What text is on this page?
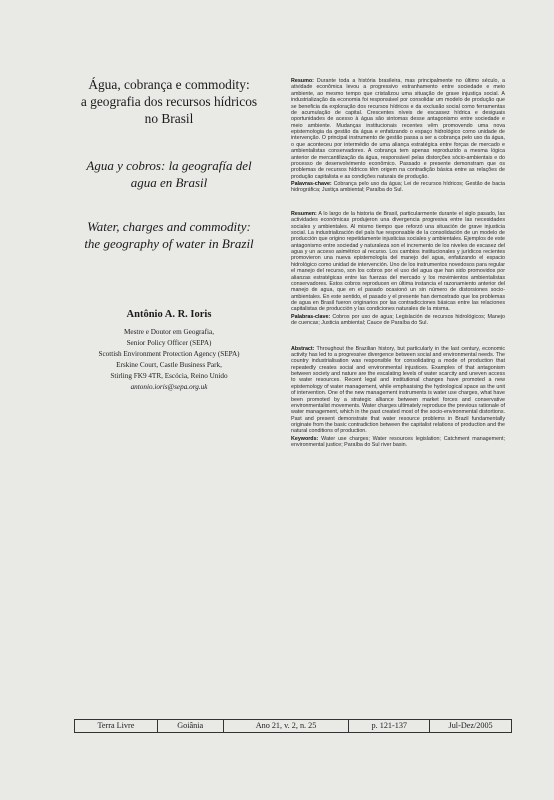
Água, cobrança e commodity:
a geografia dos recursos hídricos
no Brasil
Agua y cobros: la geografía del
agua en Brasil
Water, charges and commodity:
the geography of water in Brazil
Antônio A. R. Ioris
Mestre e Doutor em Geografia,
Senior Policy Officer (SEPA)
Scottish Environment Protection Agency (SEPA)
Erskine Court, Castle Business Park,
Stirling FK9 4TR, Escócia, Reino Unido
antonio.ioris@sepa.org.uk

Resumo: Durante toda a história brasileira, mas principalmente no último século, a atividade econômica levou a progressivo estranhamento entre sociedade e meio ambiente, ao mesmo tempo que cristalizou uma situação de grave injustiça social. A industrialização da economia foi responsável por consolidar um modelo de produção que se beneficia da exploração dos recursos hídricos e da exclusão social como ferramentas de acumulação de capital. Crescentes níveis de escassez hídrica e desiguais oportunidades de acesso à água são sintomas desse antagonismo entre sociedade e meio ambiente. Mudanças institucionais recentes vêm promovendo uma nova epistemologia da gestão da água e enfatizando o espaço hidrológico como unidade de intervenção. O principal instrumento de gestão passa a ser a cobrança pelo uso da água, o que aconteceu por intermédio de uma aliança estratégica entre forças de mercado e ambientalistas conservadores. A cobrança tem apenas reproduzido a mesma lógica anterior de mercantilização da água, responsável pelas distorções sócio-ambientais e do processo de desenvolvimento econômico. Passado e presente demonstram que os problemas de recursos hídricos têm origem na contradição básica entre as relações de produção capitalista e as condições naturais de produção.

Palavras-chave: Cobrança pelo uso da água; Lei de recursos hídricos; Gestão de bacia hidrográfica; Justiça ambiental; Paraíba do Sul.

Resumen: A lo largo de la historia de Brasil, particularmente durante el siglo pasado, las actividades económicas produjeron una divergencia progresiva entre las necesidades sociales y ambientales. Al mismo tiempo que reforzó una situación de grave injusticia social. La industrialización del país fue responsable de la consolidación de un modelo de producción que origino repetidamente injusticias sociales y ambientales. Ejemplos de este antagonismo entre sociedad y naturaleza son el incremento de los niveles de escasez del agua y un acceso asimétrico al recurso. Los cambios institucionales y jurídicos recientes promovieron una nueva epistemología del manejo del agua, enfatizando el espacio hidrológico como unidad de intervención. Uno de los instrumentos novedosos para regular el manejo del recurso, son los cobros por el uso del agua que han sido promovidos por alianzas estratégicas entre las fuerzas del mercado y los movimientos ambientalistas conservadores. Estos cobros reproducen en última instancia el razonamiento anterior del manejo de agua, que en el pasado ocasionó un sin número de distorsiones socio-ambientales. En este sentido, el pasado y el presente han demostrado que los problemas de agua en Brasil fueron originarios por las contradicciones básicas entre las relaciones capitalistas de producción y las condiciones naturales de la misma.

Palabras-clave: Cobros por uso de agua; Legislación de recursos hidrológicos; Manejo de cuencas; Justicia ambiental; Cauce de Paraíba do Sul.

Abstract: Throughout the Brazilian history, but particularly in the last century, economic activity has led to a progressive divergence between social and environmental needs. The country industrialisation was responsible for consolidating a mode of production that repeatedly creates social and environmental injustices. Examples of that antagonism between society and nature are the escalating levels of water scarcity and uneven access to water resources. Recent legal and institutional changes have promoted a new epistemology of water management, while emphasising the hydrological space as the unit of intervention. One of the new management instruments is water use charges, what have been promoted by a strategic alliance between market forces and conservative environmentalist movements. Water charges ultimately reproduce the previous rationale of water management, which in the past created most of the socio-environmental distortions. Past and present demonstrate that water resource problems in Brazil fundamentally originate from the basic contradiction between the capitalist relations of production and the natural conditions of production.

Keywords: Water use charges; Water resources legislation; Catchment management; environmental justice; Paraíba do Sul river basin.

Terra Livre	Goiânia	Ano 21, v. 2, n. 25	p. 121-137	Jul-Dez/2005
